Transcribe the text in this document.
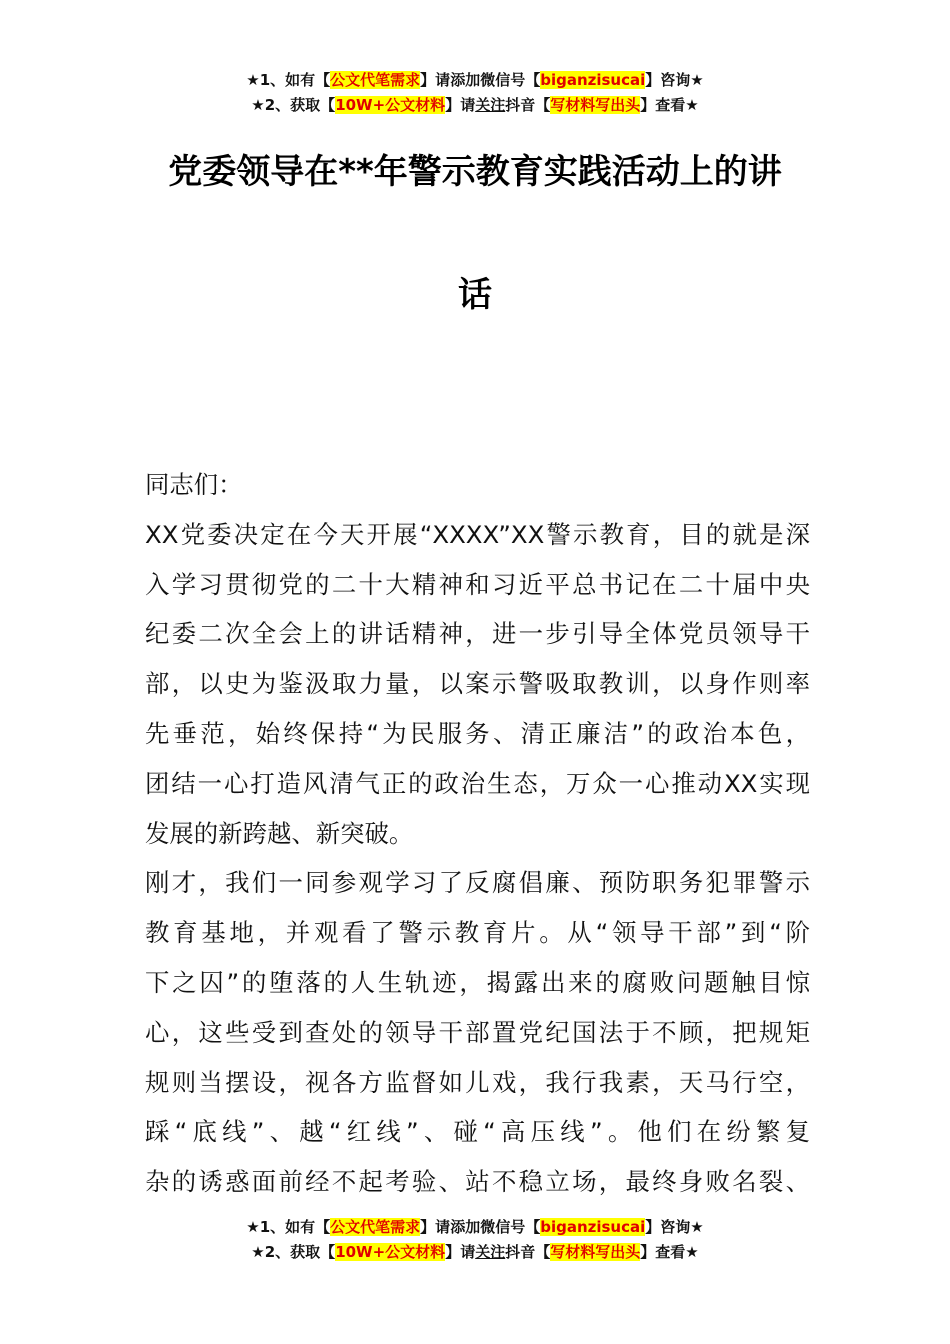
★1、如有【公文代笔需求】请添加微信号【biganzisucai】咨询★
★2、获取【10W+公文材料】请关注抖音【写材料写出头】查看★
党委领导在**年警示教育实践活动上的讲
话
同志们：
XX党委决定在今天开展“XXXX”XX警示教育，目的就是深
入学习贯彻党的二十大精神和习近平总书记在二十届中央
纪委二次全会上的讲话精神，进一步引导全体党员领导干
部，以史为鉴汲取力量，以案示警吸取教训，以身作则率
先垂范，始终保持“为民服务、清正廉洁”的政治本色，
团结一心打造风清气正的政治生态，万众一心推动XX实现
发展的新跨越、新突破。
刚才，我们一同参观学习了反腐倡廉、预防职务犯罪警示
教育基地，并观看了警示教育片。从“领导干部”到“阶
下之囚”的堕落的人生轨迹，揭露出来的腐败问题触目惊
心，这些受到查处的领导干部置党纪国法于不顾，把规矩
规则当摆设，视各方监督如儿戏，我行我素，天马行空，
踩“底线”、越“红线”、碰“高压线”。他们在纷繁复
杂的诱惑面前经不起考验、站不稳立场，最终身败名裂、
★1、如有【公文代笔需求】请添加微信号【biganzisucai】咨询★
★2、获取【10W+公文材料】请关注抖音【写材料写出头】查看★
